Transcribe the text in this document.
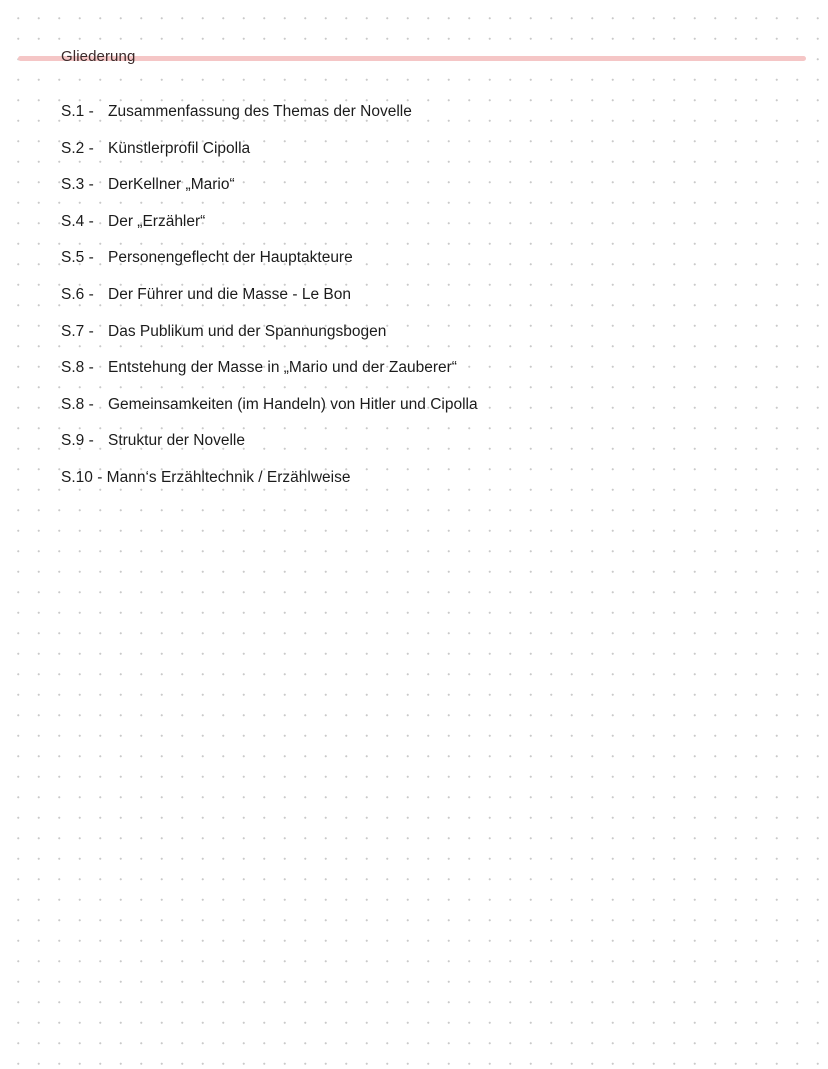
Gliederung
S.1 - Zusammenfassung des Themas der Novelle
S.2 - Künstlerprofil Cipolla
S.3 - DerKellner „Mario“
S.4 - Der „Erzähler“
S.5 - Personengeflecht der Hauptakteure
S.6 - Der Führer und die Masse - Le Bon
S.7 - Das Publikum und der Spannungsbogen
S.8 - Entstehung der Masse in „Mario und der Zauberer“
S.8 - Gemeinsamkeiten (im Handeln) von Hitler und Cipolla
S.9 - Struktur der Novelle
S.10 - Mann‘s Erzähltechnik / Erzählweise
